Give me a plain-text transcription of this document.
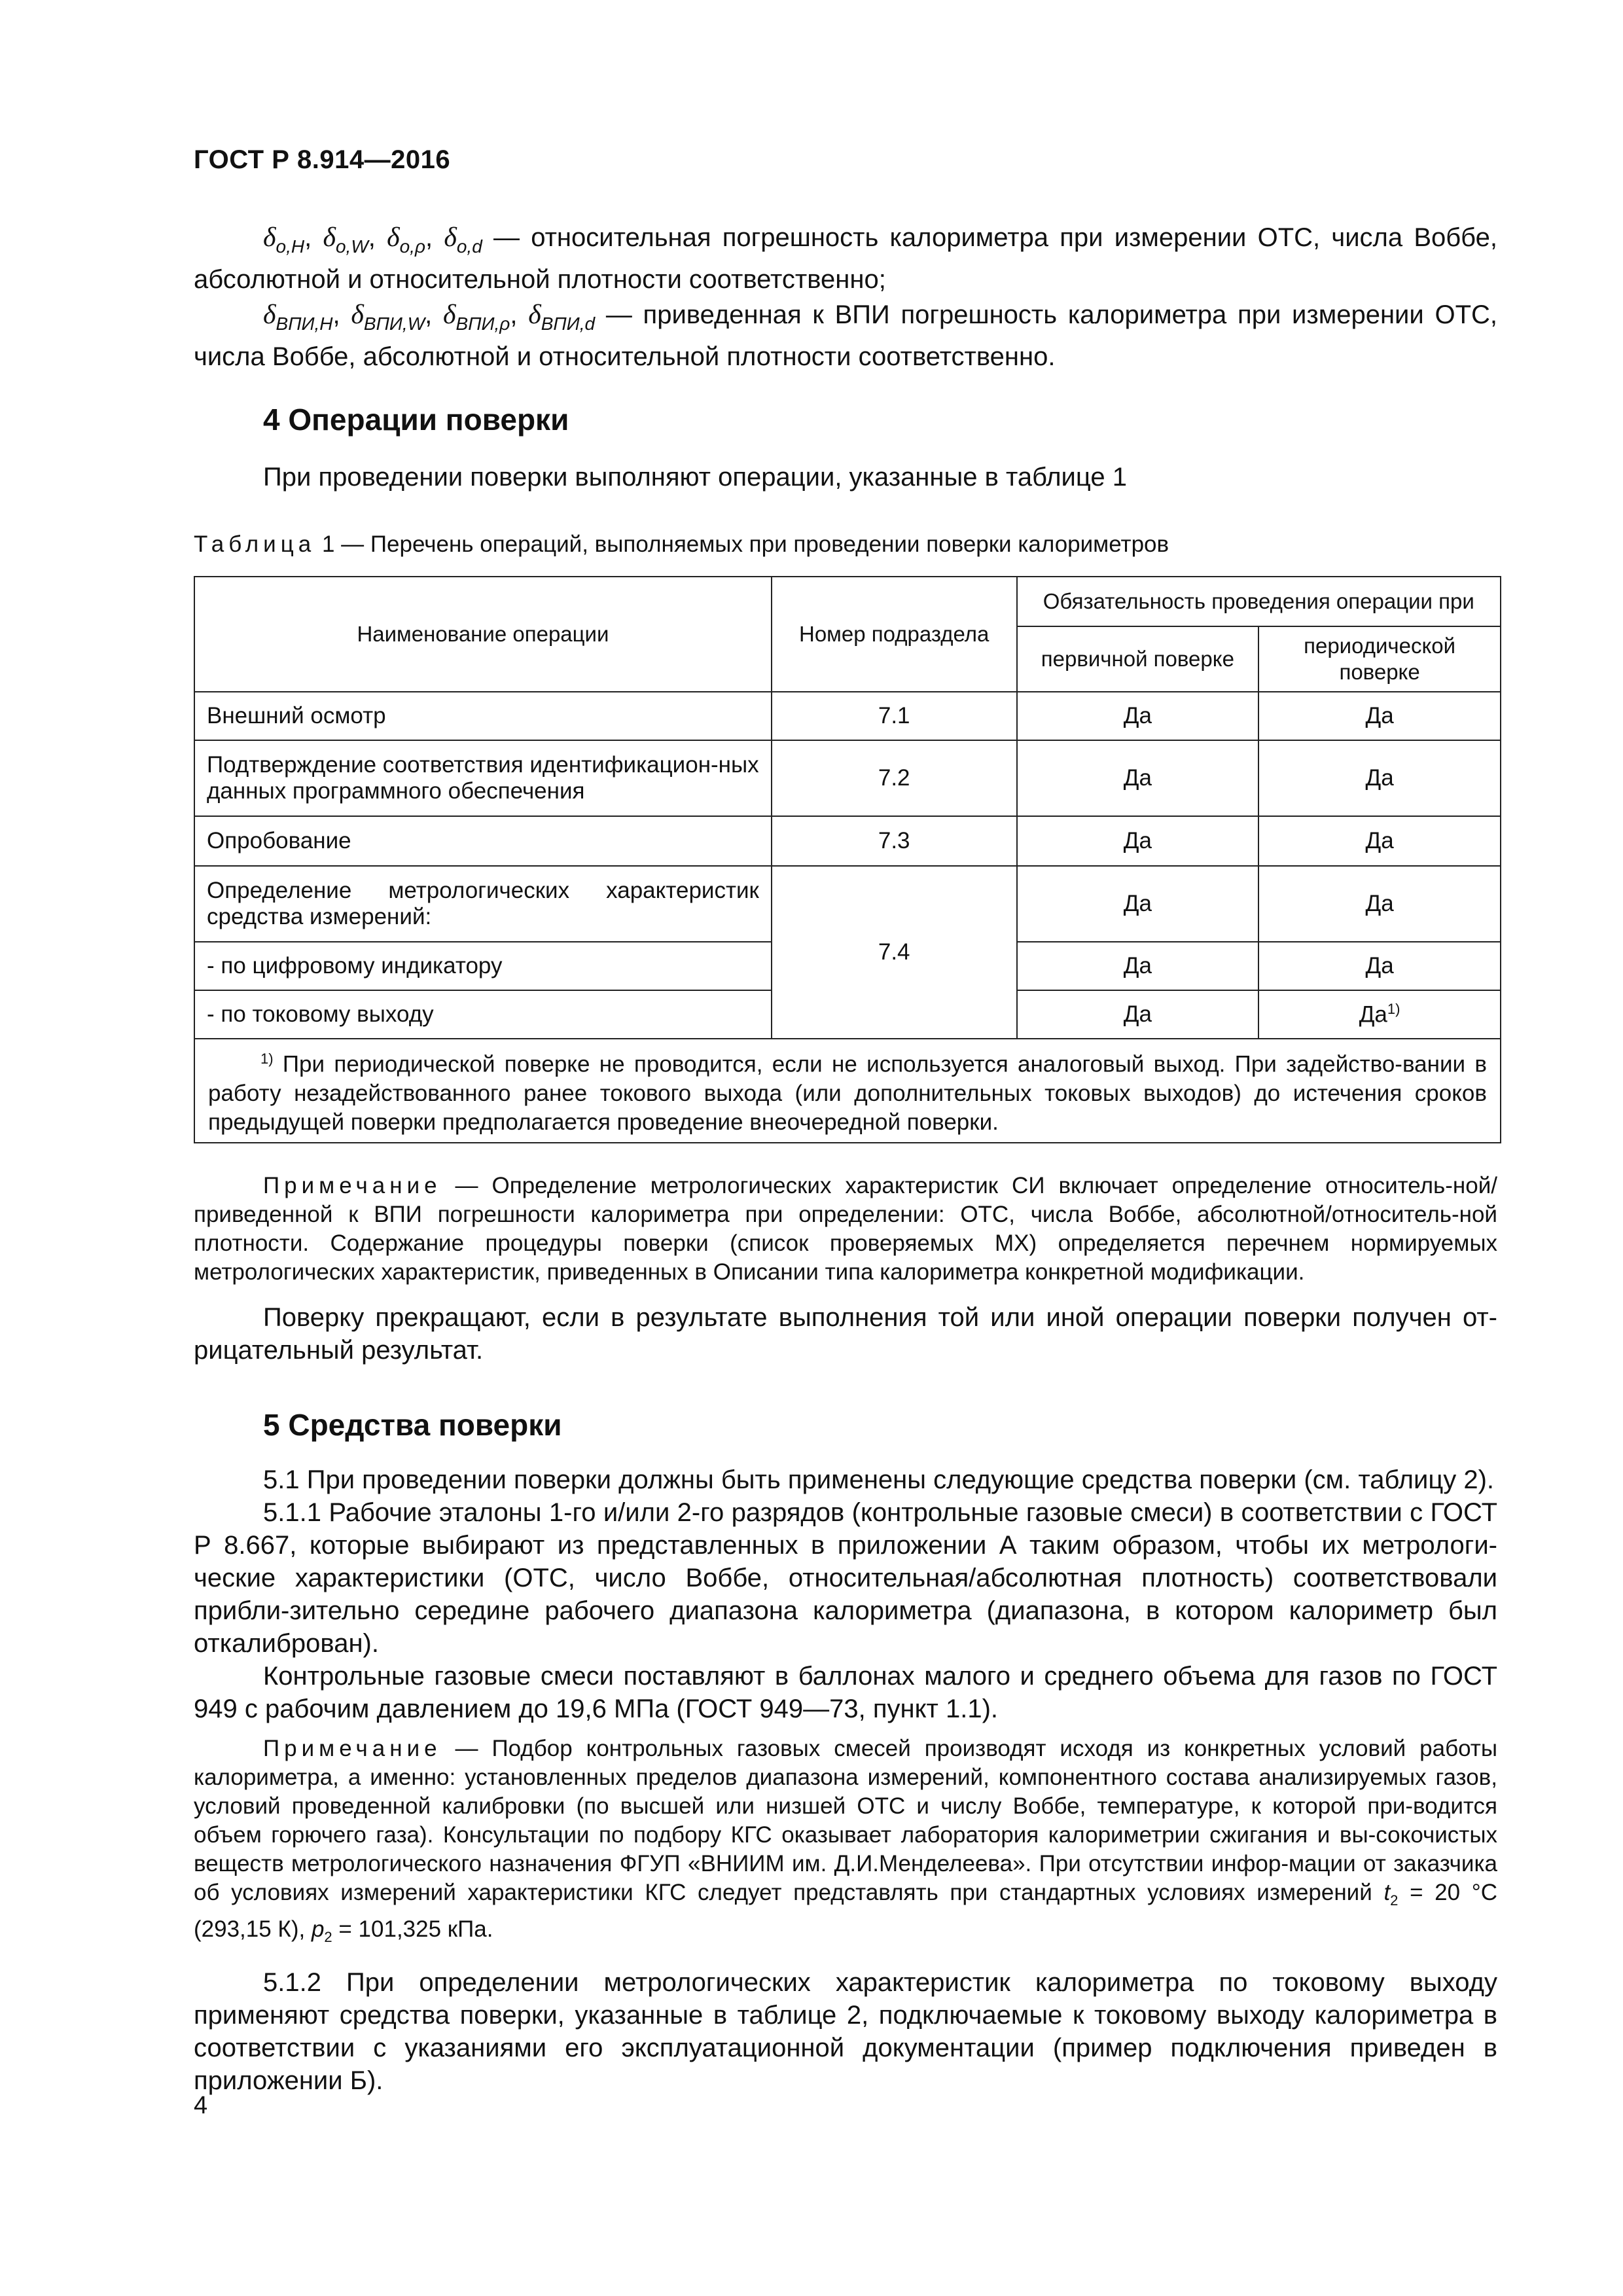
ГОСТ Р 8.914—2016

$\delta_{о,H}$, $\delta_{о,W}$, $\delta_{о,\rho}$, $\delta_{о,d}$ — относительная погрешность калориметра при измерении ОТС, числа Воббе, абсолютной и относительной плотности соответственно;

$\delta_{ВПИ,H}$, $\delta_{ВПИ,W}$, $\delta_{ВПИ,\rho}$, $\delta_{ВПИ,d}$ — приведенная к ВПИ погрешность калориметра при измерении ОТС, числа Воббе, абсолютной и относительной плотности соответственно.

4 Операции поверки

При проведении поверки выполняют операции, указанные в таблице 1

Таблица 1 — Перечень операций, выполняемых при проведении поверки калориметров
Наименование операции	Номер подраздела	Обязательность проведения операции при	
		первичной поверке	периодической поверке
Внешний осмотр	7.1	Да	Да
Подтверждение соответствия идентификацион-ных данных программного обеспечения	7.2	Да	Да
Опробование	7.3	Да	Да
Определение метрологических характеристик средства измерений:	7.4	Да	Да
- по цифровому индикатору		Да	Да
- по токовому выходу		Да	$Да^{1)}$
$^{1)}$ При периодической поверке не проводится, если не используется аналоговый выход. При задейство-вании в работу незадействованного ранее токового выхода (или дополнительных токовых выходов) до истечения сроков предыдущей поверки предполагается проведение внеочередной поверки.			

Примечание — Определение метрологических характеристик СИ включает определение относитель-ной/приведенной к ВПИ погрешности калориметра при определении: ОТС, числа Воббе, абсолютной/относитель-ной плотности. Содержание процедуры поверки (список проверяемых МХ) определяется перечнем нормируемых метрологических характеристик, приведенных в Описании типа калориметра конкретной модификации.

Поверку прекращают, если в результате выполнения той или иной операции поверки получен от-рицательный результат.

5 Средства поверки

5.1 При проведении поверки должны быть применены следующие средства поверки (см. таблицу 2).

5.1.1 Рабочие эталоны 1-го и/или 2-го разрядов (контрольные газовые смеси) в соответствии с ГОСТ Р 8.667, которые выбирают из представленных в приложении А таким образом, чтобы их метрологи-ческие характеристики (ОТС, число Воббе, относительная/абсолютная плотность) соответствовали прибли-зительно середине рабочего диапазона калориметра (диапазона, в котором калориметр был откалиброван).

Контрольные газовые смеси поставляют в баллонах малого и среднего объема для газов по ГОСТ 949 с рабочим давлением до 19,6 МПа (ГОСТ 949—73, пункт 1.1).

Примечание — Подбор контрольных газовых смесей производят исходя из конкретных условий работы калориметра, а именно: установленных пределов диапазона измерений, компонентного состава анализируемых газов, условий проведенной калибровки (по высшей или низшей ОТС и числу Воббе, температуре, к которой при-водится объем горючего газа). Консультации по подбору КГС оказывает лаборатория калориметрии сжигания и вы-сокочистых веществ метрологического назначения ФГУП «ВНИИМ им. Д.И.Менделеева». При отсутствии инфор-мации от заказчика об условиях измерений характеристики КГС следует представлять при стандартных условиях измерений $t_2 = 20$ °С (293,15 К), $p_2 = 101,325$ кПа.

5.1.2 При определении метрологических характеристик калориметра по токовому выходу применяют средства поверки, указанные в таблице 2, подключаемые к токовому выходу калориметра в соответствии с указаниями его эксплуатационной документации (пример подключения приведен в приложении Б).

4
